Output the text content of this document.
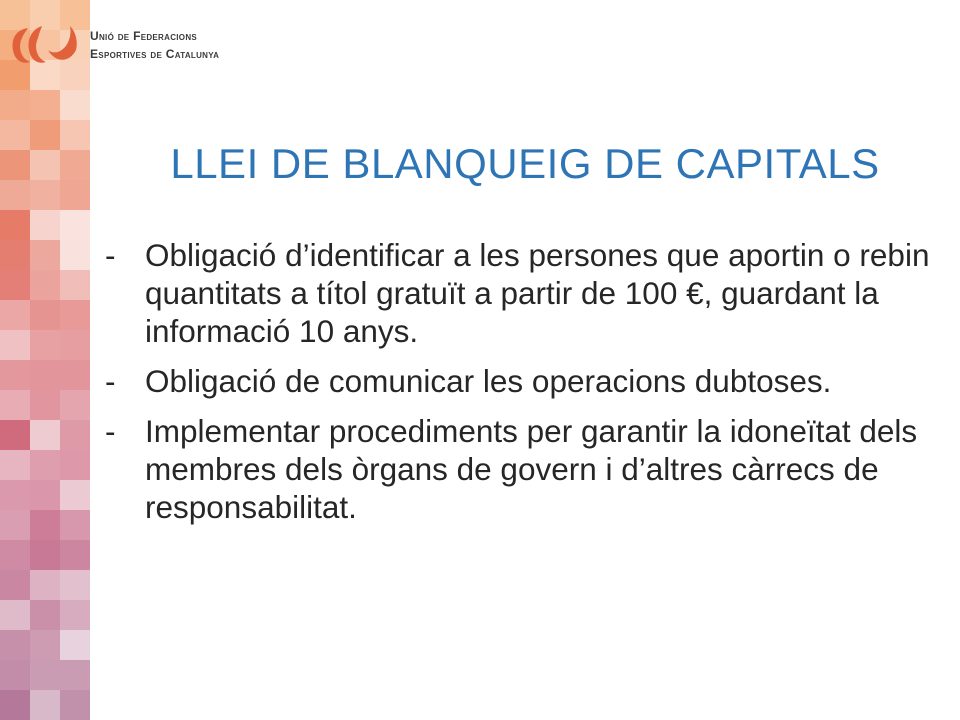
Unió de Federacions
Esportives de Catalunya
LLEI DE BLANQUEIG DE CAPITALS
- Obligació d’identificar a les persones que aportin o rebin quantitats a títol gratuït a partir de 100 €, guardant la informació 10 anys.
- Obligació de comunicar les operacions dubtoses.
- Implementar procediments per garantir la idoneïtat dels membres dels òrgans de govern i d’altres càrrecs de responsabilitat.
